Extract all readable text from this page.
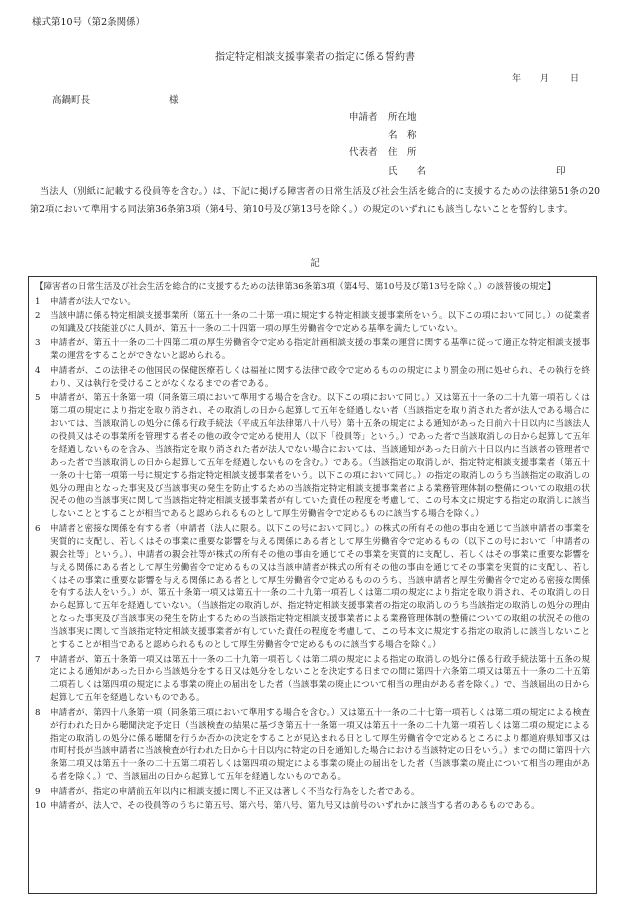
様式第10号（第2条関係）
指定特定相談支援事業者の指定に係る誓約書
年 月 日
高鍋町長	様
申請者 所在地
名　称
代表者 住　所
氏　　名	印

当法人（別紙に記載する役員等を含む。）は、下記に掲げる障害者の日常生活及び社会生活を総合的に支援するための法律第51条の20第2項において準用する同法第36条第3項（第4号、第10号及び第13号を除く。）の規定のいずれにも該当しないことを誓約します。

記
【障害者の日常生活及び社会生活を総合的に支援するための法律第36条第3項（第4号、第10号及び第13号を除く。）の該替後の規定】
1	申請者が法人でない。
2	当該申請に係る特定相談支援事業所（第五十一条の二十第一項に規定する特定相談支援事業所をいう。以下この項において同じ。）の従業者の知識及び技能並びに人員が、第五十一条の二十四第一項の厚生労働省令で定める基準を満たしていない。
3	申請者が、第五十一条の二十四第二項の厚生労働省令で定める指定計画相談支援の事業の運営に関する基準に従って適正な特定相談支援事業の運営をすることができないと認められる。
4	申請者が、この法律その他国民の保健医療若しくは福祉に関する法律で政令で定めるものの規定により罰金の刑に処せられ、その執行を終わり、又は執行を受けることがなくなるまでの者である。
5	申請者が、第五十条第一項（同条第三項において準用する場合を含む。以下この項において同じ。）又は第五十一条の二十九第一項若しくは第二項の規定により指定を取り消され、その取消しの日から起算して五年を経過しない者（当該指定を取り消された者が法人である場合においては、当該取消しの処分に係る行政手続法（平成五年法律第八十八号）第十五条の規定による通知があった日前六十日以内に当該法人の役員又はその事業所を管理する者その他の政令で定める使用人（以下「役員等」という。）であった者で当該取消しの日から起算して五年を経過しないものを含み、当該指定を取り消された者が法人でない場合においては、当該通知があった日前六十日以内に当該者の管理者であった者で当該取消しの日から起算して五年を経過しないものを含む。）である。（当該指定の取消しが、指定特定相談支援事業者（第五十一条の十七第一項第一号に規定する指定特定相談支援事業者をいう。以下この項において同じ。）の指定の取消しのうち当該指定の取消しの処分の理由となった事実及び当該事実の発生を防止するための当該指定特定相談支援事業者による業務管理体制の整備についての取組の状況その他の当該事実に関して当該指定特定相談支援事業者が有していた責任の程度を考慮して、この号本文に規定する指定の取消しに該当しないこととすることが相当であると認められるものとして厚生労働省令で定めるものに該当する場合を除く。）
6	申請者と密接な関係を有する者（申請者（法人に限る。以下この号において同じ。）の株式の所有その他の事由を通じて当該申請者の事業を実質的に支配し、若しくはその事業に重要な影響を与える関係にある者として厚生労働省令で定めるもの（以下この号において「申請者の親会社等」という。）、申請者の親会社等が株式の所有その他の事由を通じてその事業を実質的に支配し、若しくはその事業に重要な影響を与える関係にある者として厚生労働省令で定めるもの又は当該申請者が株式の所有その他の事由を通じてその事業を実質的に支配し、若しくはその事業に重要な影響を与える関係にある者として厚生労働省令で定めるもののうち、当該申請者と厚生労働省令で定める密接な関係を有する法人をいう。）が、第五十条第一項又は第五十一条の二十九第一項若しくは第二項の規定により指定を取り消され、その取消しの日から起算して五年を経過していない。（当該指定の取消しが、指定特定相談支援事業者の指定の取消しのうち当該指定の取消しの処分の理由となった事実及び当該事実の発生を防止するための当該指定特定相談支援事業者による業務管理体制の整備についての取組の状況その他の当該事実に関して当該指定特定相談支援事業者が有していた責任の程度を考慮して、この号本文に規定する指定の取消しに該当しないこととすることが相当であると認められるものとして厚生労働省令で定めるものに該当する場合を除く。）
7	申請者が、第五十条第一項又は第五十一条の二十九第一項若しくは第二項の規定による指定の取消しの処分に係る行政手続法第十五条の規定による通知があった日から当該処分をする日又は処分をしないことを決定する日までの間に第四十六条第二項又は第五十一条の二十五第二項若しくは第四項の規定による事業の廃止の届出をした者（当該事業の廃止について相当の理由がある者を除く。）で、当該届出の日から起算して五年を経過しないものである。
8	申請者が、第四十八条第一項（同条第三項において準用する場合を含む。）又は第五十一条の二十七第一項若しくは第二項の規定による検査が行われた日から聴聞決定予定日（当該検査の結果に基づき第五十一条第一項又は第五十一条の二十九第一項若しくは第二項の規定による指定の取消しの処分に係る聴聞を行うか否かの決定をすることが見込まれる日として厚生労働省令で定めるところにより都道府県知事又は市町村長が当該申請者に当該検査が行われた日から十日以内に特定の日を通知した場合における当該特定の日をいう。）までの間に第四十六条第二項又は第五十一条の二十五第二項若しくは第四項の規定による事業の廃止の届出をした者（当該事業の廃止について相当の理由がある者を除く。）で、当該届出の日から起算して五年を経過しないものである。
9	申請者が、指定の申請前五年以内に相談支援に関し不正又は著しく不当な行為をした者である。
10 申請者が、法人で、その役員等のうちに第五号、第六号、第八号、第九号又は前号のいずれかに該当する者のあるものである。
